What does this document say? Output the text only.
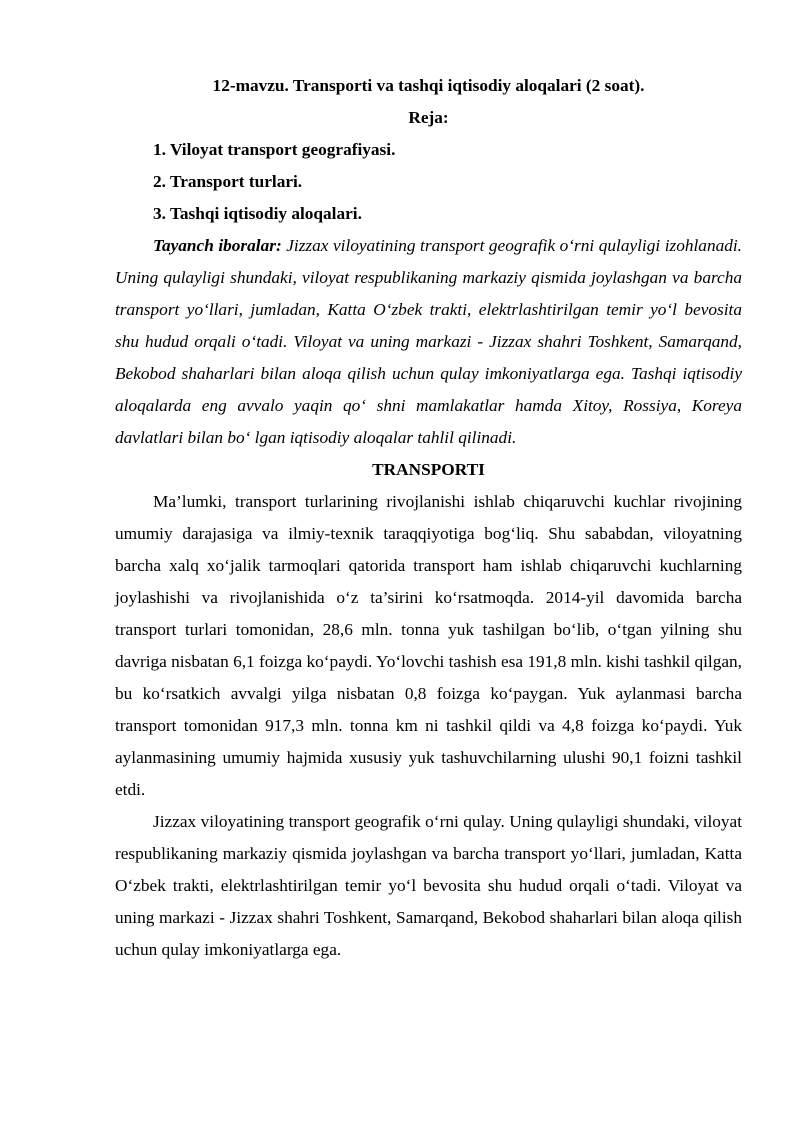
12-mavzu. Transporti va tashqi iqtisodiy aloqalari (2 soat).
Reja:
1. Viloyat transport geografiyasi.
2. Transport turlari.
3. Tashqi iqtisodiy aloqalari.

Tayanch iboralar: Jizzax viloyatining transport geografik o‘rni qulayligi izohlanadi. Uning qulayligi shundaki, viloyat respublikaning markaziy qismida joylashgan va barcha transport yo‘llari, jumladan, Katta O‘zbek trakti, elektrlashtirilgan temir yo‘l bevosita shu hudud orqali o‘tadi. Viloyat va uning markazi - Jizzax shahri Toshkent, Samarqand, Bekobod shaharlari bilan aloqa qilish uchun qulay imkoniyatlarga ega. Tashqi iqtisodiy aloqalarda eng avvalo yaqin qo‘ shni mamlakatlar hamda Xitoy, Rossiya, Koreya davlatlari bilan bo‘ lgan iqtisodiy aloqalar tahlil qilinadi.

TRANSPORTI

Ma’lumki, transport turlarining rivojlanishi ishlab chiqaruvchi kuchlar rivojining umumiy darajasiga va ilmiy-texnik taraqqiyotiga bog‘liq. Shu sababdan, viloyatning barcha xalq xo‘jalik tarmoqlari qatorida transport ham ishlab chiqaruvchi kuchlarning joylashishi va rivojlanishida o‘z ta’sirini ko‘rsatmoqda. 2014-yil davomida barcha transport turlari tomonidan, 28,6 mln. tonna yuk tashilgan bo‘lib, o‘tgan yilning shu davriga nisbatan 6,1 foizga ko‘paydi. Yo‘lovchi tashish esa 191,8 mln. kishi tashkil qilgan, bu ko‘rsatkich avvalgi yilga nisbatan 0,8 foizga ko‘paygan. Yuk aylanmasi barcha transport tomonidan 917,3 mln. tonna km ni tashkil qildi va 4,8 foizga ko‘paydi. Yuk aylanmasining umumiy hajmida xususiy yuk tashuvchilarning ulushi 90,1 foizni tashkil etdi.

Jizzax viloyatining transport geografik o‘rni qulay. Uning qulayligi shundaki, viloyat respublikaning markaziy qismida joylashgan va barcha transport yo‘llari, jumladan, Katta O‘zbek trakti, elektrlashtirilgan temir yo‘l bevosita shu hudud orqali o‘tadi. Viloyat va uning markazi - Jizzax shahri Toshkent, Samarqand, Bekobod shaharlari bilan aloqa qilish uchun qulay imkoniyatlarga ega.
